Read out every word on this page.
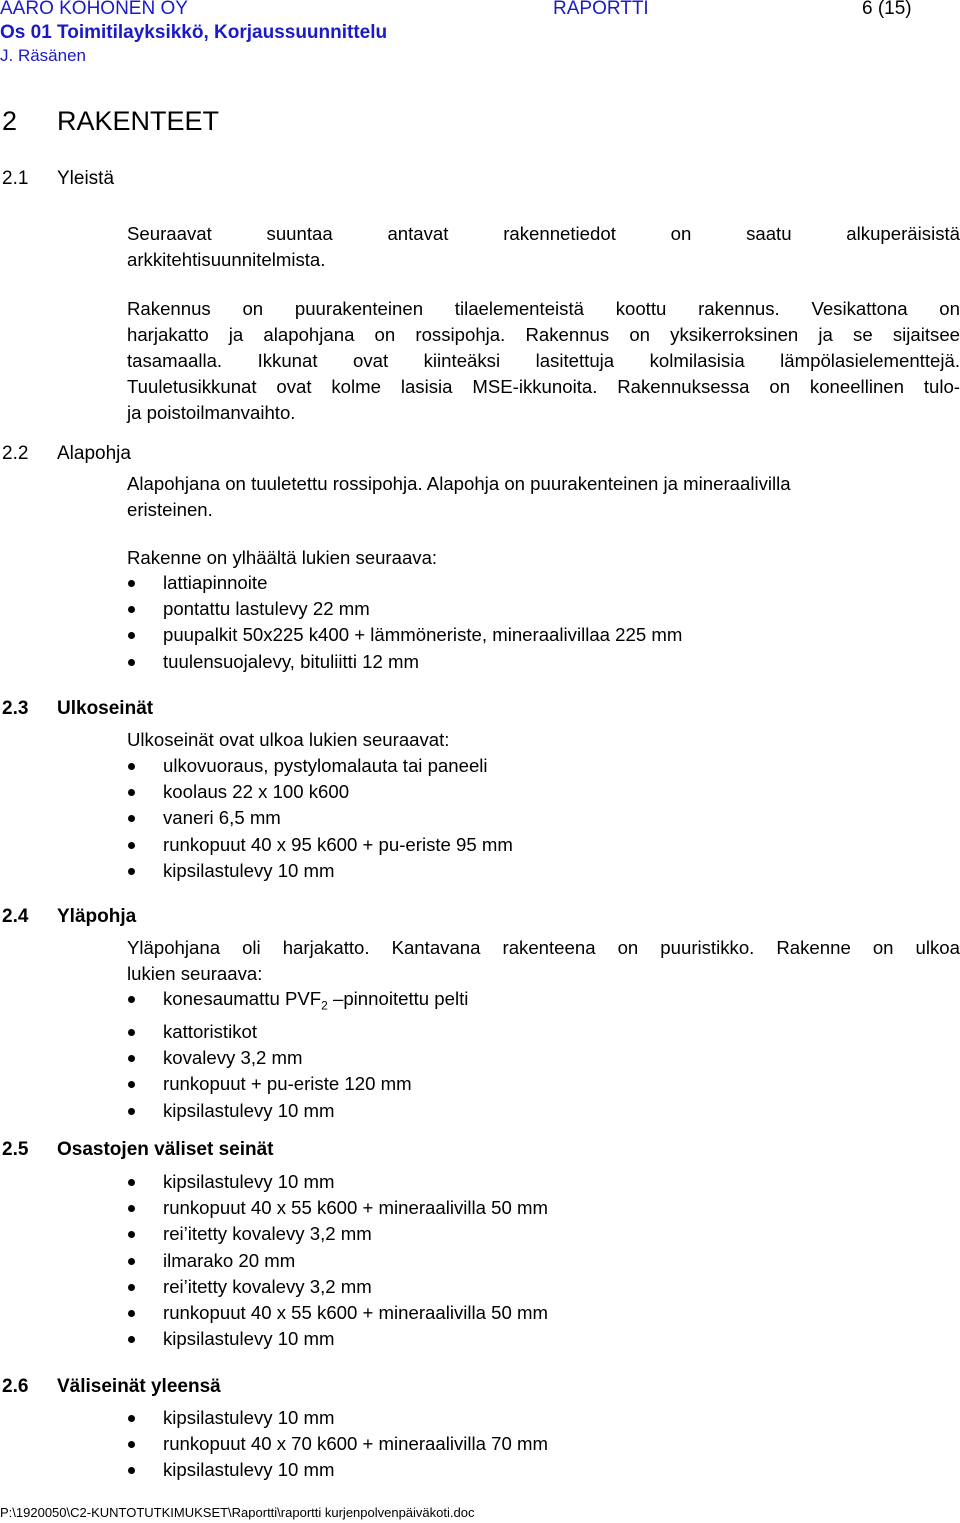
AARO KOHONEN OY	RAPORTTI	6 (15)
Os 01 Toimitilayksikkö, Korjaussuunnittelu
J. Räsänen
2 RAKENTEET
2.1 Yleistä
Seuraavat suuntaa antavat rakennetiedot on saatu alkuperäisistä
arkkitehtisuunnitelmista.
Rakennus on puurakenteinen tilaelementeistä koottu rakennus. Vesikattona on
harjakatto ja alapohjana on rossipohja. Rakennus on yksikerroksinen ja se sijaitsee
tasamaalla. Ikkunat ovat kiinteäksi lasitettuja kolmilasisia lämpölasielementtejä.
Tuuletusikkunat ovat kolme lasisia MSE-ikkunoita. Rakennuksessa on koneellinen tulo-
ja poistoilmanvaihto.
2.2 Alapohja
Alapohjana on tuuletettu rossipohja. Alapohja on puurakenteinen ja mineraalivilla
eristeinen.
Rakenne on ylhäältä lukien seuraava:
lattiapinnoite
pontattu lastulevy 22 mm
puupalkit 50x225 k400 + lämmöneriste, mineraalivillaa 225 mm
tuulensuojalevy, bituliitti 12 mm
2.3 Ulkoseinät
Ulkoseinät ovat ulkoa lukien seuraavat:
ulkovuoraus, pystylomalauta tai paneeli
koolaus 22 x 100 k600
vaneri 6,5 mm
runkopuut 40 x 95 k600 + pu-eriste 95 mm
kipsilastulevy 10 mm
2.4 Yläpohja
Yläpohjana oli harjakatto. Kantavana rakenteena on puuristikko. Rakenne on ulkoa
lukien seuraava:
konesaumattu $PVF_2$ –pinnoitettu pelti
kattoristikot
kovalevy 3,2 mm
runkopuut + pu-eriste 120 mm
kipsilastulevy 10 mm
2.5 Osastojen väliset seinät
kipsilastulevy 10 mm
runkopuut 40 x 55 k600 + mineraalivilla 50 mm
rei’itetty kovalevy 3,2 mm
ilmarako 20 mm
rei’itetty kovalevy 3,2 mm
runkopuut 40 x 55 k600 + mineraalivilla 50 mm
kipsilastulevy 10 mm
2.6 Väliseinät yleensä
kipsilastulevy 10 mm
runkopuut 40 x 70 k600 + mineraalivilla 70 mm
kipsilastulevy 10 mm
P:\1920050\C2-KUNTOTUTKIMUKSET\Raportti\raportti kurjenpolvenpäiväkoti.doc
